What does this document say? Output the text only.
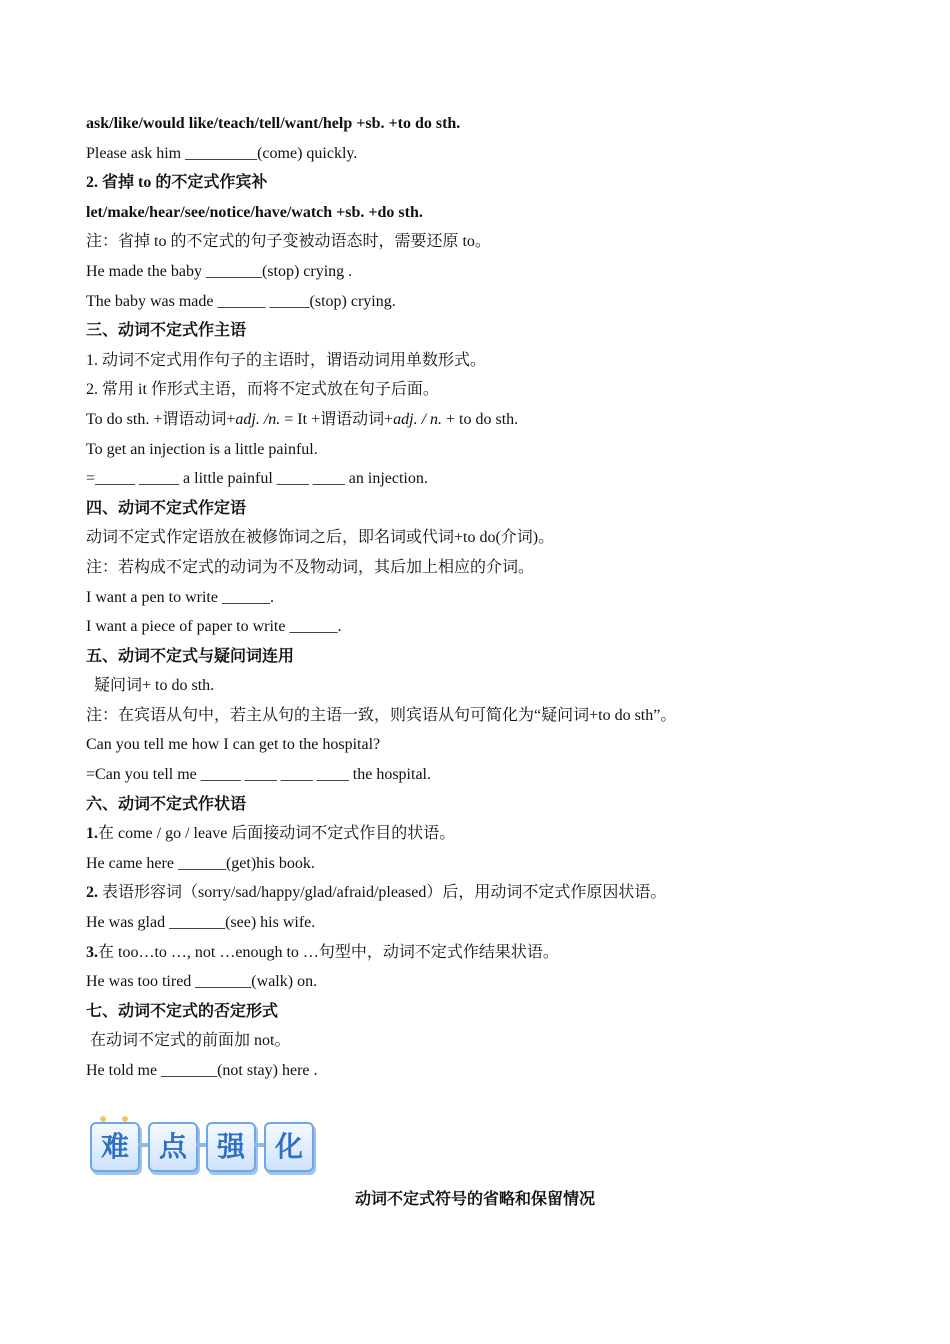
ask/like/would like/teach/tell/want/help +sb. +to do sth.
Please ask him _________(come) quickly.
2. 省掉 to 的不定式作宾补
let/make/hear/see/notice/have/watch +sb. +do sth.
注：省掉 to 的不定式的句子变被动语态时，需要还原 to。
He made the baby _______(stop) crying .
The baby was made ______ _____(stop) crying.
三、动词不定式作主语
1. 动词不定式用作句子的主语时，谓语动词用单数形式。
2. 常用 it 作形式主语，而将不定式放在句子后面。
To do sth. +谓语动词+adj. /n. = It +谓语动词+adj. / n. + to do sth.
To get an injection is a little painful.
=_____ _____ a little painful ____ ____ an injection.
四、动词不定式作定语
动词不定式作定语放在被修饰词之后，即名词或代词+to do(介词)。
注：若构成不定式的动词为不及物动词，其后加上相应的介词。
I want a pen to write ______.
I want a piece of paper to write ______.
五、动词不定式与疑问词连用
疑问词+ to do sth.
注：在宾语从句中，若主从句的主语一致，则宾语从句可简化为“疑问词+to do sth”。
Can you tell me how I can get to the hospital?
=Can you tell me _____ ____ ____ ____ the hospital.
六、动词不定式作状语
1.在 come / go / leave 后面接动词不定式作目的状语。
He came here ______(get)his book.
2. 表语形容词（sorry/sad/happy/glad/afraid/pleased）后，用动词不定式作原因状语。
He was glad _______(see) his wife.
3.在 too…to …, not …enough to …句型中，动词不定式作结果状语。
He was too tired _______(walk) on.
七、动词不定式的否定形式
在动词不定式的前面加 not。
He told me _______(not stay) here .
难	点	强	化
动词不定式符号的省略和保留情况
